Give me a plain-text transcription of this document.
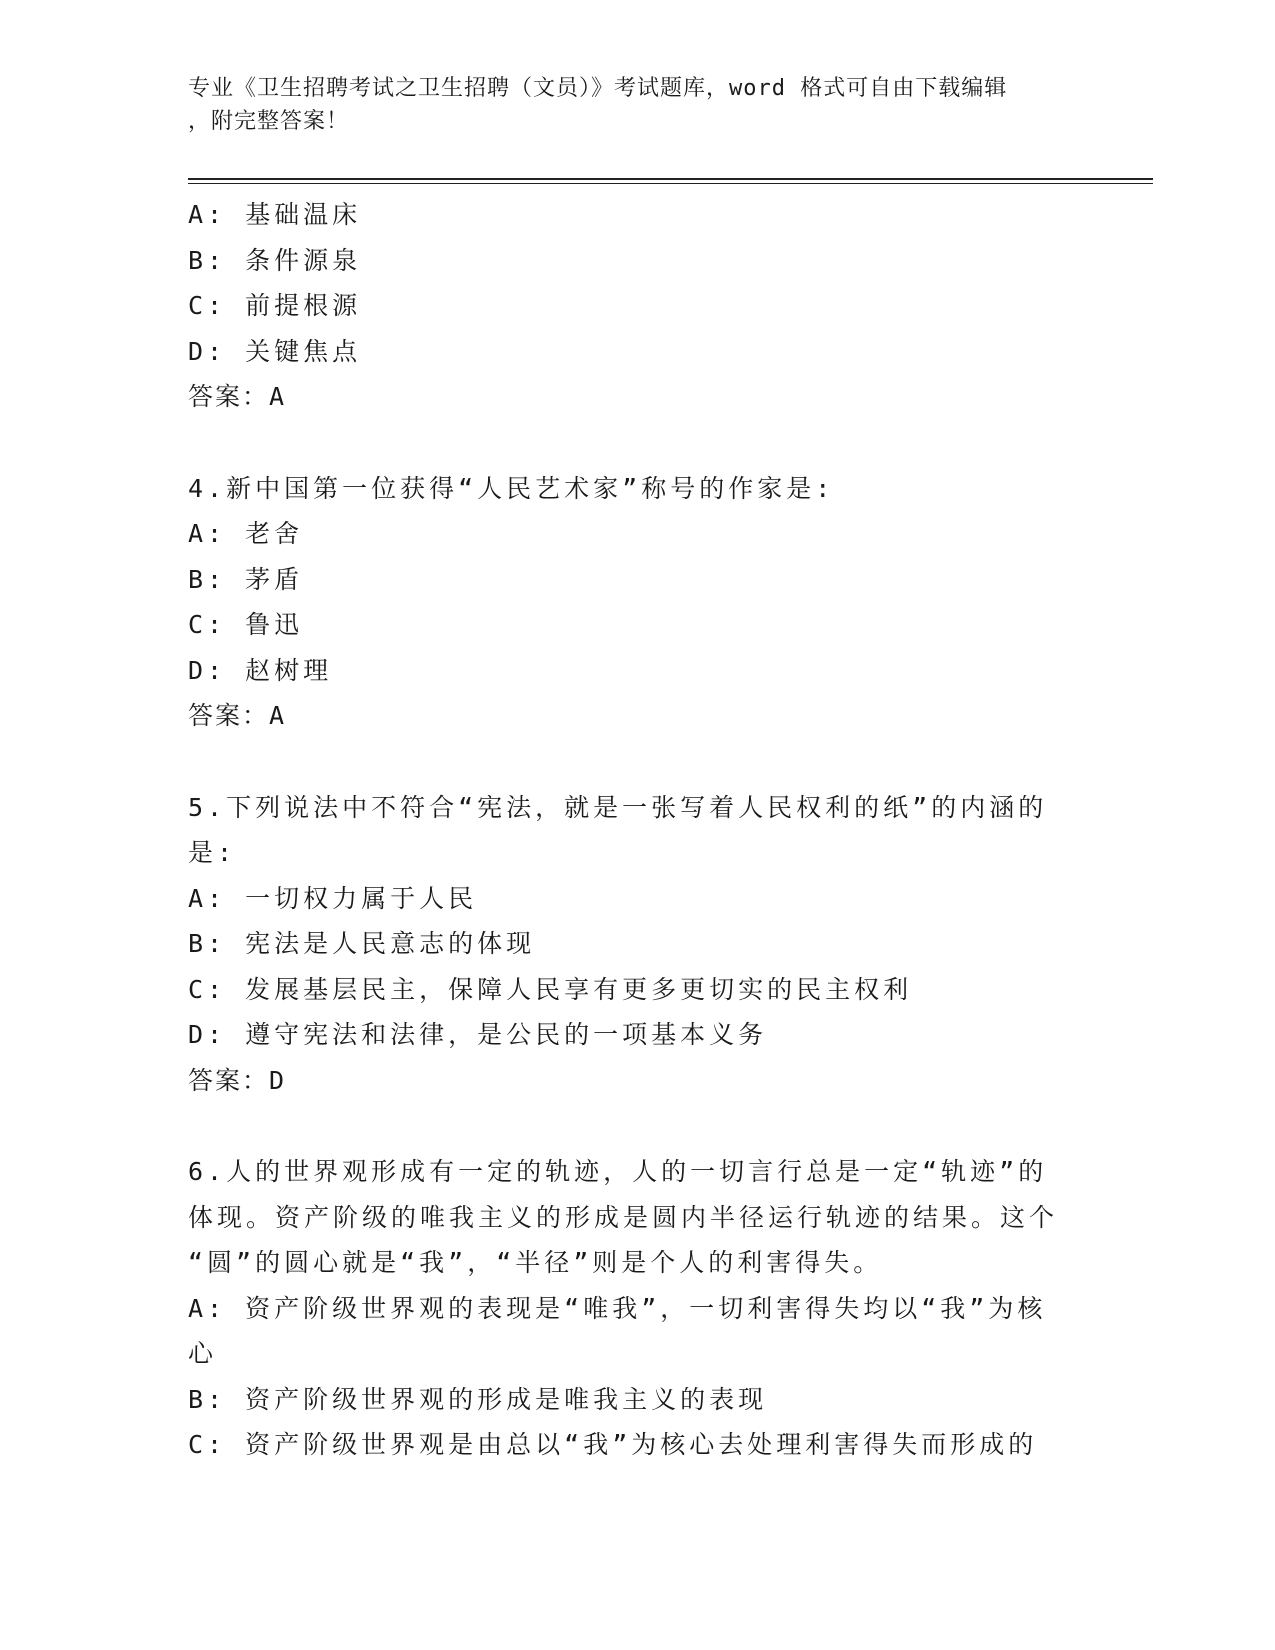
专业《卫生招聘考试之卫生招聘（文员）》考试题库，word 格式可自由下载编辑
，附完整答案！
A: 基础温床
B: 条件源泉
C: 前提根源
D: 关键焦点
答案：A
4.新中国第一位获得“人民艺术家”称号的作家是:
A: 老舍
B: 茅盾
C: 鲁迅
D: 赵树理
答案：A
5.下列说法中不符合“宪法，就是一张写着人民权利的纸”的内涵的
是:
A: 一切权力属于人民
B: 宪法是人民意志的体现
C: 发展基层民主，保障人民享有更多更切实的民主权利
D: 遵守宪法和法律，是公民的一项基本义务
答案：D
6.人的世界观形成有一定的轨迹，人的一切言行总是一定“轨迹”的
体现。资产阶级的唯我主义的形成是圆内半径运行轨迹的结果。这个
“圆”的圆心就是“我”，“半径”则是个人的利害得失。
A: 资产阶级世界观的表现是“唯我”，一切利害得失均以“我”为核
心
B: 资产阶级世界观的形成是唯我主义的表现
C: 资产阶级世界观是由总以“我”为核心去处理利害得失而形成的
